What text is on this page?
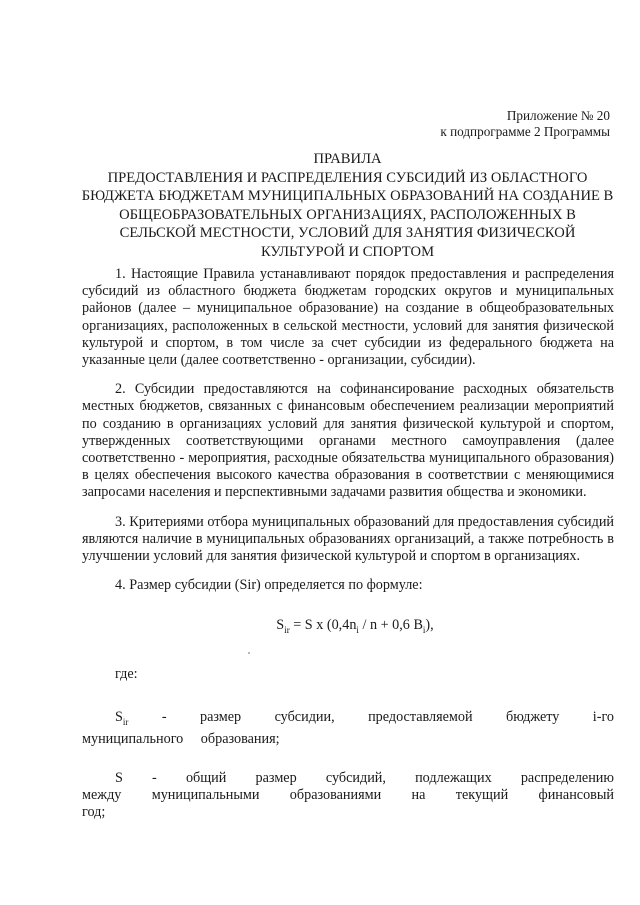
Приложение № 20
к подпрограмме 2 Программы
ПРАВИЛА
ПРЕДОСТАВЛЕНИЯ И РАСПРЕДЕЛЕНИЯ СУБСИДИЙ ИЗ ОБЛАСТНОГО БЮДЖЕТА БЮДЖЕТАМ МУНИЦИПАЛЬНЫХ ОБРАЗОВАНИЙ НА СОЗДАНИЕ В ОБЩЕОБРАЗОВАТЕЛЬНЫХ ОРГАНИЗАЦИЯХ, РАСПОЛОЖЕННЫХ В СЕЛЬСКОЙ МЕСТНОСТИ, УСЛОВИЙ ДЛЯ ЗАНЯТИЯ ФИЗИЧЕСКОЙ КУЛЬТУРОЙ И СПОРТОМ

1. Настоящие Правила устанавливают порядок предоставления и распределения субсидий из областного бюджета бюджетам городских округов и муниципальных районов (далее – муниципальное образование) на создание в общеобразовательных организациях, расположенных в сельской местности, условий для занятия физической культурой и спортом, в том числе за счет субсидии из федерального бюджета на указанные цели (далее соответственно - организации, субсидии).

2. Субсидии предоставляются на софинансирование расходных обязательств местных бюджетов, связанных с финансовым обеспечением реализации мероприятий по созданию в организациях условий для занятия физической культурой и спортом, утвержденных соответствующими органами местного самоуправления (далее соответственно - мероприятия, расходные обязательства муниципального образования) в целях обеспечения высокого качества образования в соответствии с меняющимися запросами населения и перспективными задачами развития общества и экономики.

3. Критериями отбора муниципальных образований для предоставления субсидий являются наличие в муниципальных образованиях организаций, а также потребность в улучшении условий для занятия физической культурой и спортом в организациях.

4. Размер субсидии (Sir) определяется по формуле:

$S_{ir} = S$ x ($0,4n_i / n + 0,6$ $B_i$),

где:

$S_{ir}$ - размер субсидии, предоставляемой бюджету i-го муниципального образования;

S - общий размер субсидий, подлежащих распределению между муниципальными образованиями на текущий финансовый год;
